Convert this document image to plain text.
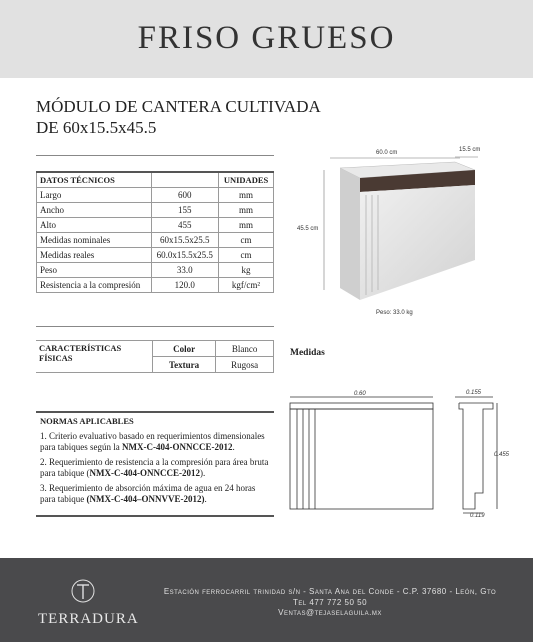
FRISO GRUESO
MÓDULO DE CANTERA CULTIVADA
DE 60x15.5x45.5
DATOS TÉCNICOS		UNIDADES
Largo	600	mm
Ancho	155	mm
Alto	455	mm
Medidas nominales	60x15.5x25.5	cm
Medidas reales	60.0x15.5x25.5	cm
Peso	33.0	kg
Resistencia a la compresión	120.0	kgf/cm²
60.0 cm	15.5 cm
45.5 cm
Peso: 33.0 kg
CARACTERÍSTICAS FÍSICAS	Color	Blanco
	Textura	Rugosa
Medidas
NORMAS APLICABLES

1. Criterio evaluativo basado en requerimientos dimensionales para tabiques según la NMX-C-404-ONNCCE-2012.

2. Requerimiento de resistencia a la compresión para área bruta para tabique (NMX-C-404-ONNCCE-2012).

3. Requerimiento de absorción máxima de agua en 24 horas para tabique (NMX-C-404–ONNVVE-2012).

0.60	0.155
0.455
0.119
TERRADURA
Estación ferrocarril trinidad s/n - Santa Ana del Conde - C.P. 37680 - León, Gto
Tel 477 772 50 50
Ventas@tejaselaguila.mx
